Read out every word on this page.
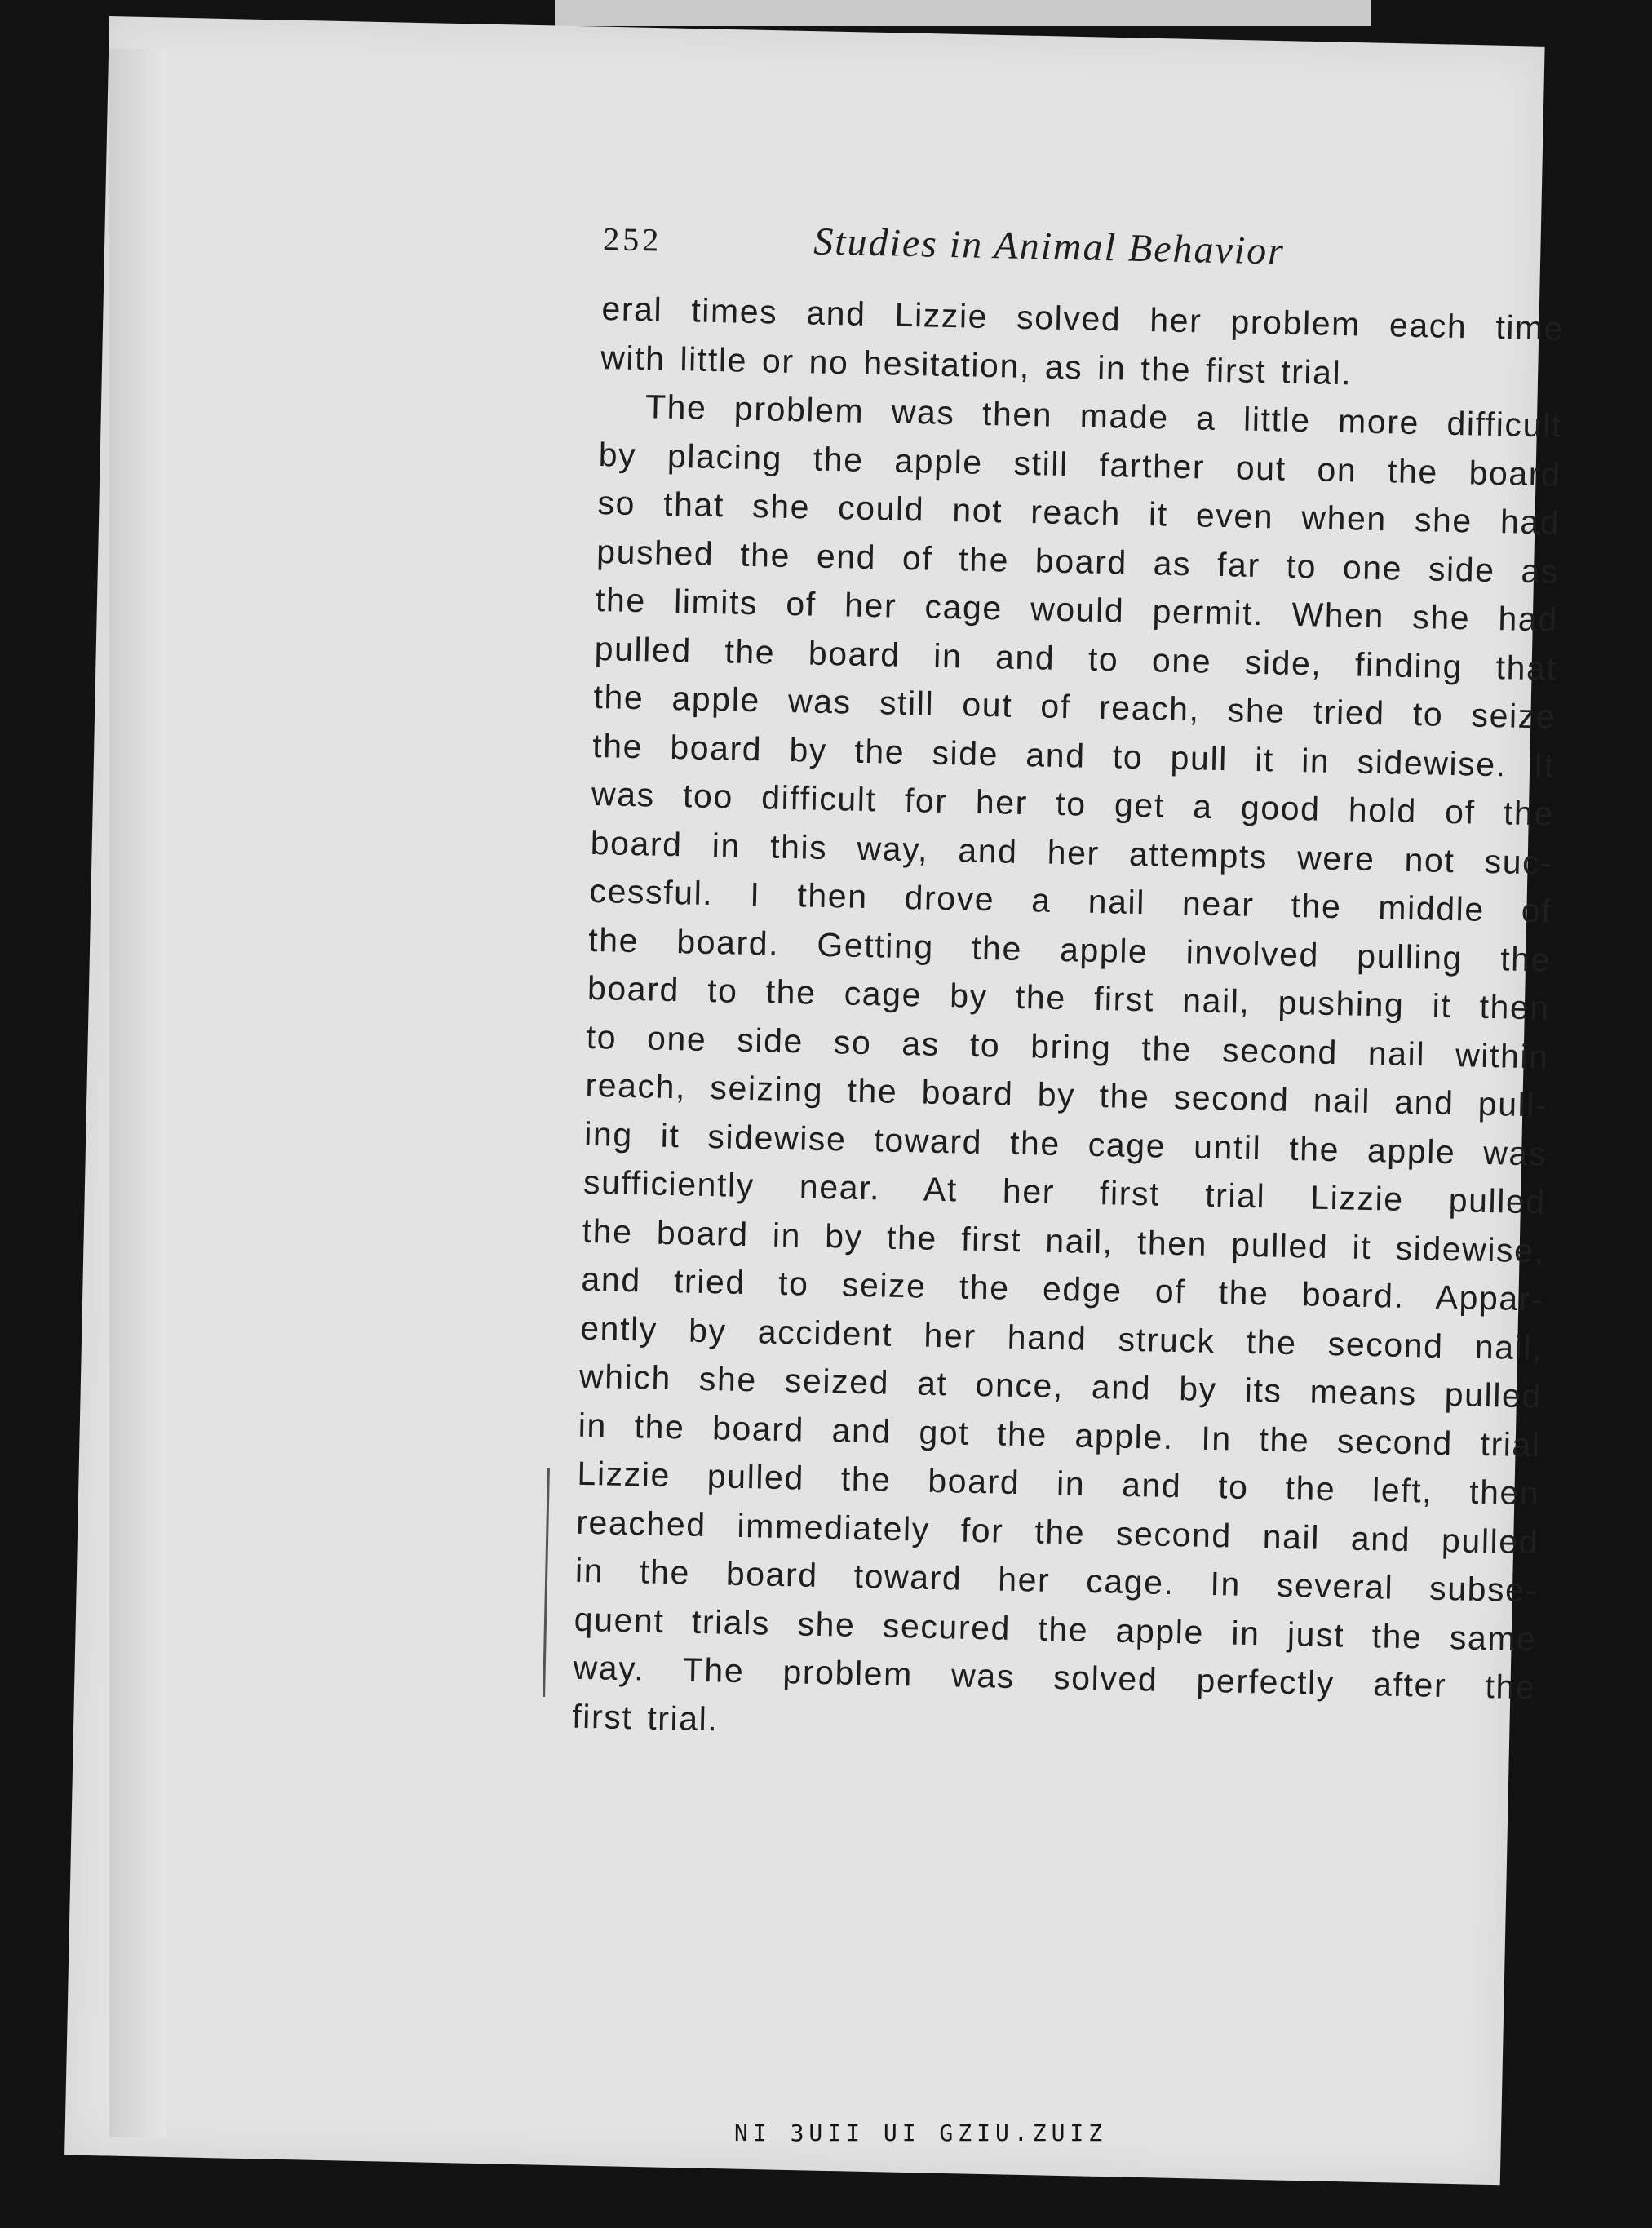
252	Studies in Animal Behavior
eral times and Lizzie solved her problem each time
with little or no hesitation, as in the first trial.
The problem was then made a little more difficult
by placing the apple still farther out on the board
so that she could not reach it even when she had
pushed the end of the board as far to one side as
the limits of her cage would permit. When she had
pulled the board in and to one side, finding that
the apple was still out of reach, she tried to seize
the board by the side and to pull it in sidewise. It
was too difficult for her to get a good hold of the
board in this way, and her attempts were not suc-
cessful. I then drove a nail near the middle of
the board. Getting the apple involved pulling the
board to the cage by the first nail, pushing it then
to one side so as to bring the second nail within
reach, seizing the board by the second nail and pull-
ing it sidewise toward the cage until the apple was
sufficiently near. At her first trial Lizzie pulled
the board in by the first nail, then pulled it sidewise,
and tried to seize the edge of the board. Appar-
ently by accident her hand struck the second nail,
which she seized at once, and by its means pulled
in the board and got the apple. In the second trial
Lizzie pulled the board in and to the left, then
reached immediately for the second nail and pulled
in the board toward her cage. In several subse-
quent trials she secured the apple in just the same
way. The problem was solved perfectly after the
first trial.
NI 3UII UI GZIU.ZUIZ
